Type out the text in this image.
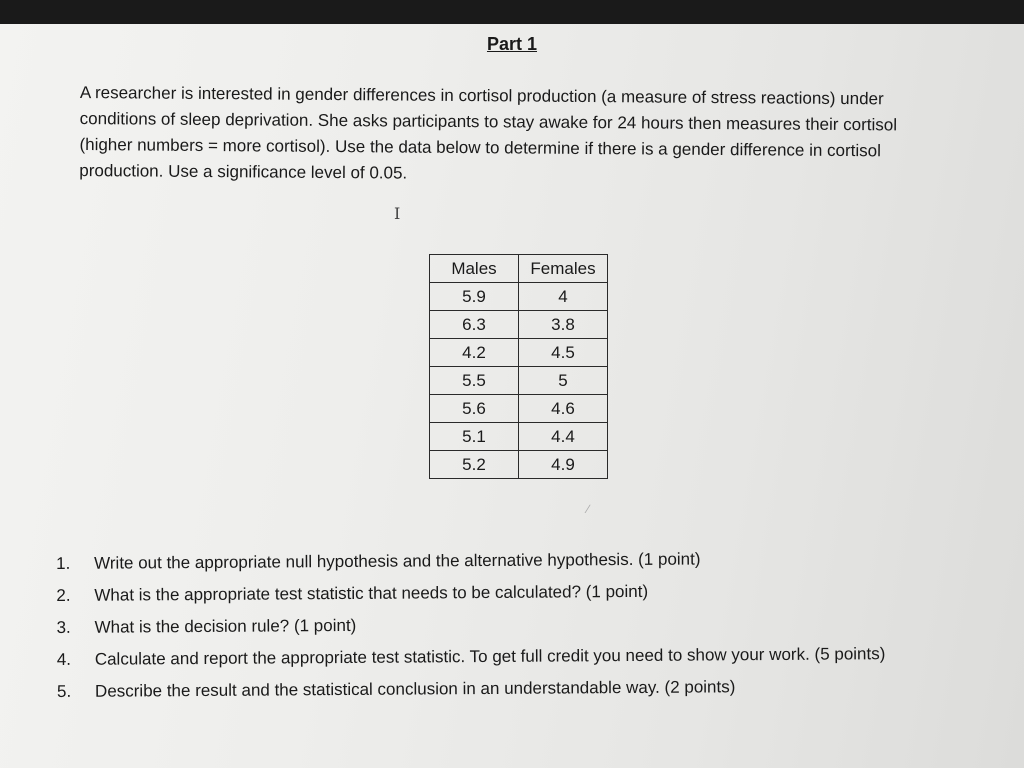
Part 1

A researcher is interested in gender differences in cortisol production (a measure of stress reactions) under conditions of sleep deprivation. She asks participants to stay awake for 24 hours then measures their cortisol (higher numbers = more cortisol). Use the data below to determine if there is a gender difference in cortisol production. Use a significance level of 0.05.

I
Males	Females
5.9	4
6.3	3.8
4.2	4.5
5.5	5
5.6	4.6
5.1	4.4
5.2	4.9
∕
1. Write out the appropriate null hypothesis and the alternative hypothesis. (1 point)
2. What is the appropriate test statistic that needs to be calculated? (1 point)
3. What is the decision rule? (1 point)
4. Calculate and report the appropriate test statistic. To get full credit you need to show your work. (5 points)
5. Describe the result and the statistical conclusion in an understandable way. (2 points)
